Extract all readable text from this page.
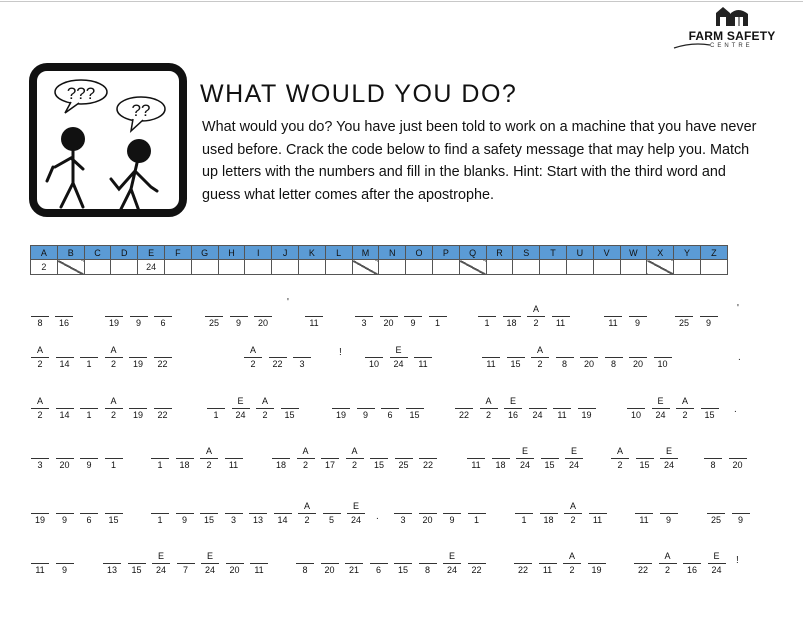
FARM SAFETY
CENTRE
???
??
WHAT WOULD YOU DO?

What would you do? You have just been told to work on a machine that you have never used before. Crack the code below to find a safety message that may help you. Match up letters with the numbers and fill in the blanks. Hint: Start with the third word and guess what letter comes after the apostrophe.

A	B	C	D	E	F	G	H	I	J	K	L	M	N	O	P	Q	R	S	T	U	V	W	X	Y	Z
2				24																					
8	16	19	9	6	25	9	20	11	3	20	9	1	1	18
A
2	11	11	9	25	9
A
2	14	1
A
2	19	22
A
2	22	3	10
E
24	11	11	15
A
2	8	20	8	20	10
A
2	14	1
A
2	19	22	1
E
24
A
2	15	19	9	6	15	22
A
2
E
16	24	11	19	10
E
24
A
2	15
3	20	9	1	1	18
A
2	11	18
A
2	17
A
2	15	25	22	11	18
E
24	15
E
24
A
2	15
E
24	8	20
19	9	6	15	1	9	15	3	13	14
A
2	5
E
24	3	20	9	1	1	18
A
2	11	11	9	25	9
11	9	13	15
E
24	7
E
24	20	11	8	20	21	6	15	8
E
24	22	22	11
A
2	19	22
A
2	16
E
24
'
'
!	.
.
.
!
